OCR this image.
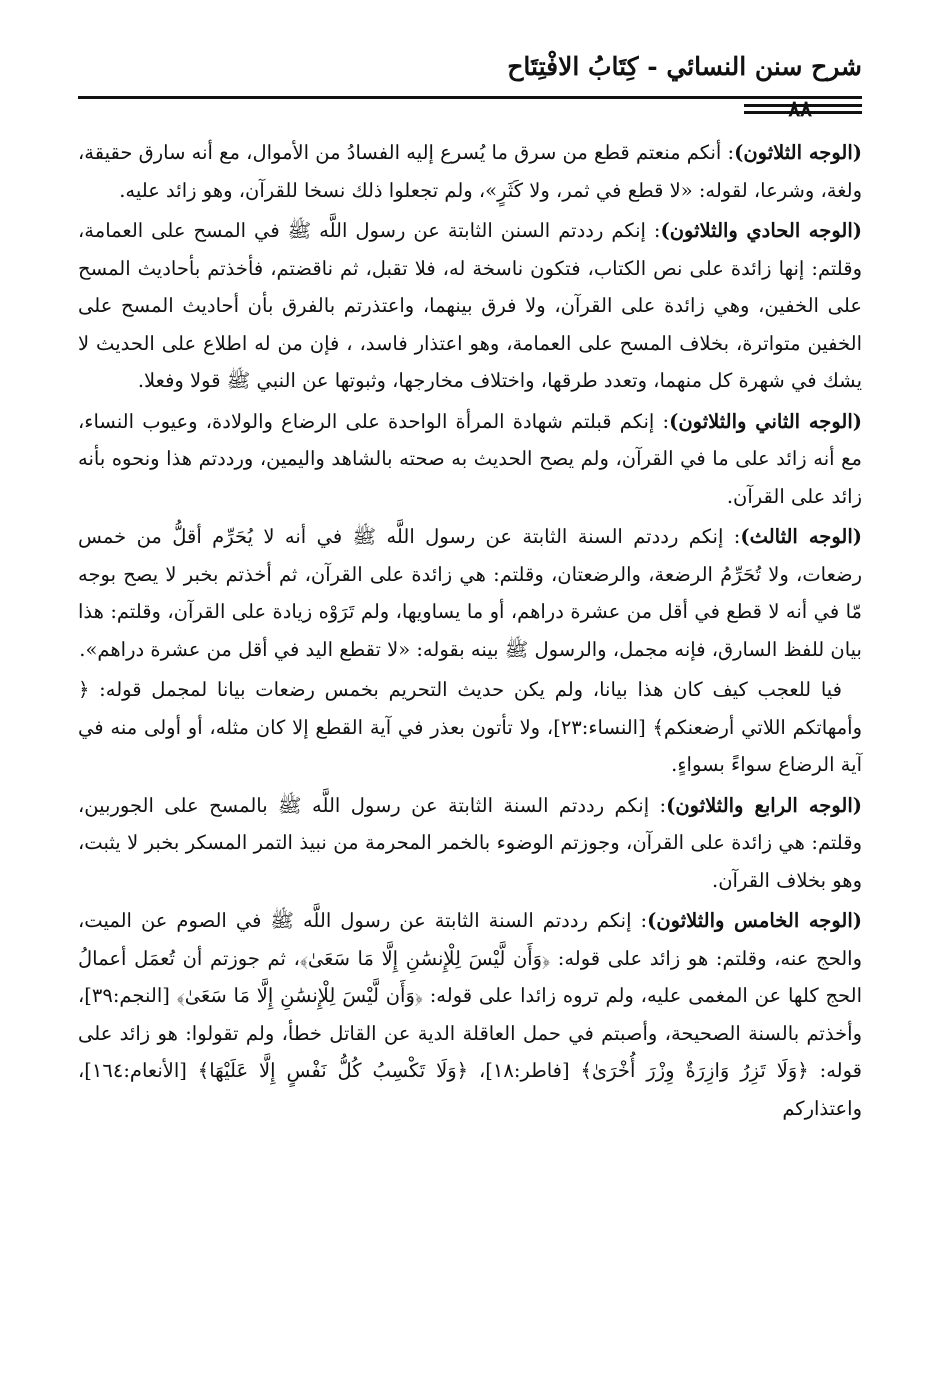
شرح سنن النسائي - كِتَابُ الافْتِتَاح
٨٨

(الوجه الثلاثون): أنكم منعتم قطع من سرق ما يُسرع إليه الفسادُ من الأموال، مع أنه سارق حقيقة، ولغة، وشرعا، لقوله: «لا قطع في ثمر، ولا كَثَرٍ»، ولم تجعلوا ذلك نسخا للقرآن، وهو زائد عليه.

(الوجه الحادي والثلاثون): إنكم رددتم السنن الثابتة عن رسول اللَّه ﷺ في المسح على العمامة، وقلتم: إنها زائدة على نص الكتاب، فتكون ناسخة له، فلا تقبل، ثم ناقضتم، فأخذتم بأحاديث المسح على الخفين، وهي زائدة على القرآن، ولا فرق بينهما، واعتذرتم بالفرق بأن أحاديث المسح على الخفين متواترة، بخلاف المسح على العمامة، وهو اعتذار فاسد، ، فإن من له اطلاع على الحديث لا يشك في شهرة كل منهما، وتعدد طرقها، واختلاف مخارجها، وثبوتها عن النبي ﷺ قولا وفعلا.

(الوجه الثاني والثلاثون): إنكم قبلتم شهادة المرأة الواحدة على الرضاع والولادة، وعيوب النساء، مع أنه زائد على ما في القرآن، ولم يصح الحديث به صحته بالشاهد واليمين، ورددتم هذا ونحوه بأنه زائد على القرآن.

(الوجه الثالث): إنكم رددتم السنة الثابتة عن رسول اللَّه ﷺ في أنه لا يُحَرِّم أقلُّ من خمس رضعات، ولا تُحَرِّمُ الرضعة، والرضعتان، وقلتم: هي زائدة على القرآن، ثم أخذتم بخبر لا يصح بوجه مّا في أنه لا قطع في أقل من عشرة دراهم، أو ما يساويها، ولم تَرَوْه زيادة على القرآن، وقلتم: هذا بيان للفظ السارق، فإنه مجمل، والرسول ﷺ بينه بقوله: «لا تقطع اليد في أقل من عشرة دراهم».

فيا للعجب كيف كان هذا بيانا، ولم يكن حديث التحريم بخمس رضعات بيانا لمجمل قوله: ﴿ وأمهاتكم اللاتي أرضعنكم﴾ [النساء:٢٣]، ولا تأتون بعذر في آية القطع إلا كان مثله، أو أولى منه في آية الرضاع سواءً بسواءٍ.

(الوجه الرابع والثلاثون): إنكم رددتم السنة الثابتة عن رسول اللَّه ﷺ بالمسح على الجوربين، وقلتم: هي زائدة على القرآن، وجوزتم الوضوء بالخمر المحرمة من نبيذ التمر المسكر بخبر لا يثبت، وهو بخلاف القرآن.

(الوجه الخامس والثلاثون): إنكم رددتم السنة الثابتة عن رسول اللَّه ﷺ في الصوم عن الميت، والحج عنه، وقلتم: هو زائد على قوله: ﴿وَأَن لَّيْسَ لِلْإِنسَٰنِ إِلَّا مَا سَعَىٰ﴾، ثم جوزتم أن تُعمَل أعمالُ الحج كلها عن المغمى عليه، ولم تروه زائدا على قوله: ﴿وَأَن لَّيْسَ لِلْإِنسَٰنِ إِلَّا مَا سَعَىٰ﴾ [النجم:٣٩]، وأخذتم بالسنة الصحيحة، وأصبتم في حمل العاقلة الدية عن القاتل خطأ، ولم تقولوا: هو زائد على قوله: ﴿وَلَا تَزِرُ وَازِرَةٌ وِزْرَ أُخْرَىٰ﴾ [فاطر:١٨]، ﴿وَلَا تَكْسِبُ كُلُّ نَفْسٍ إِلَّا عَلَيْهَا﴾ [الأنعام:١٦٤]، واعتذاركم
